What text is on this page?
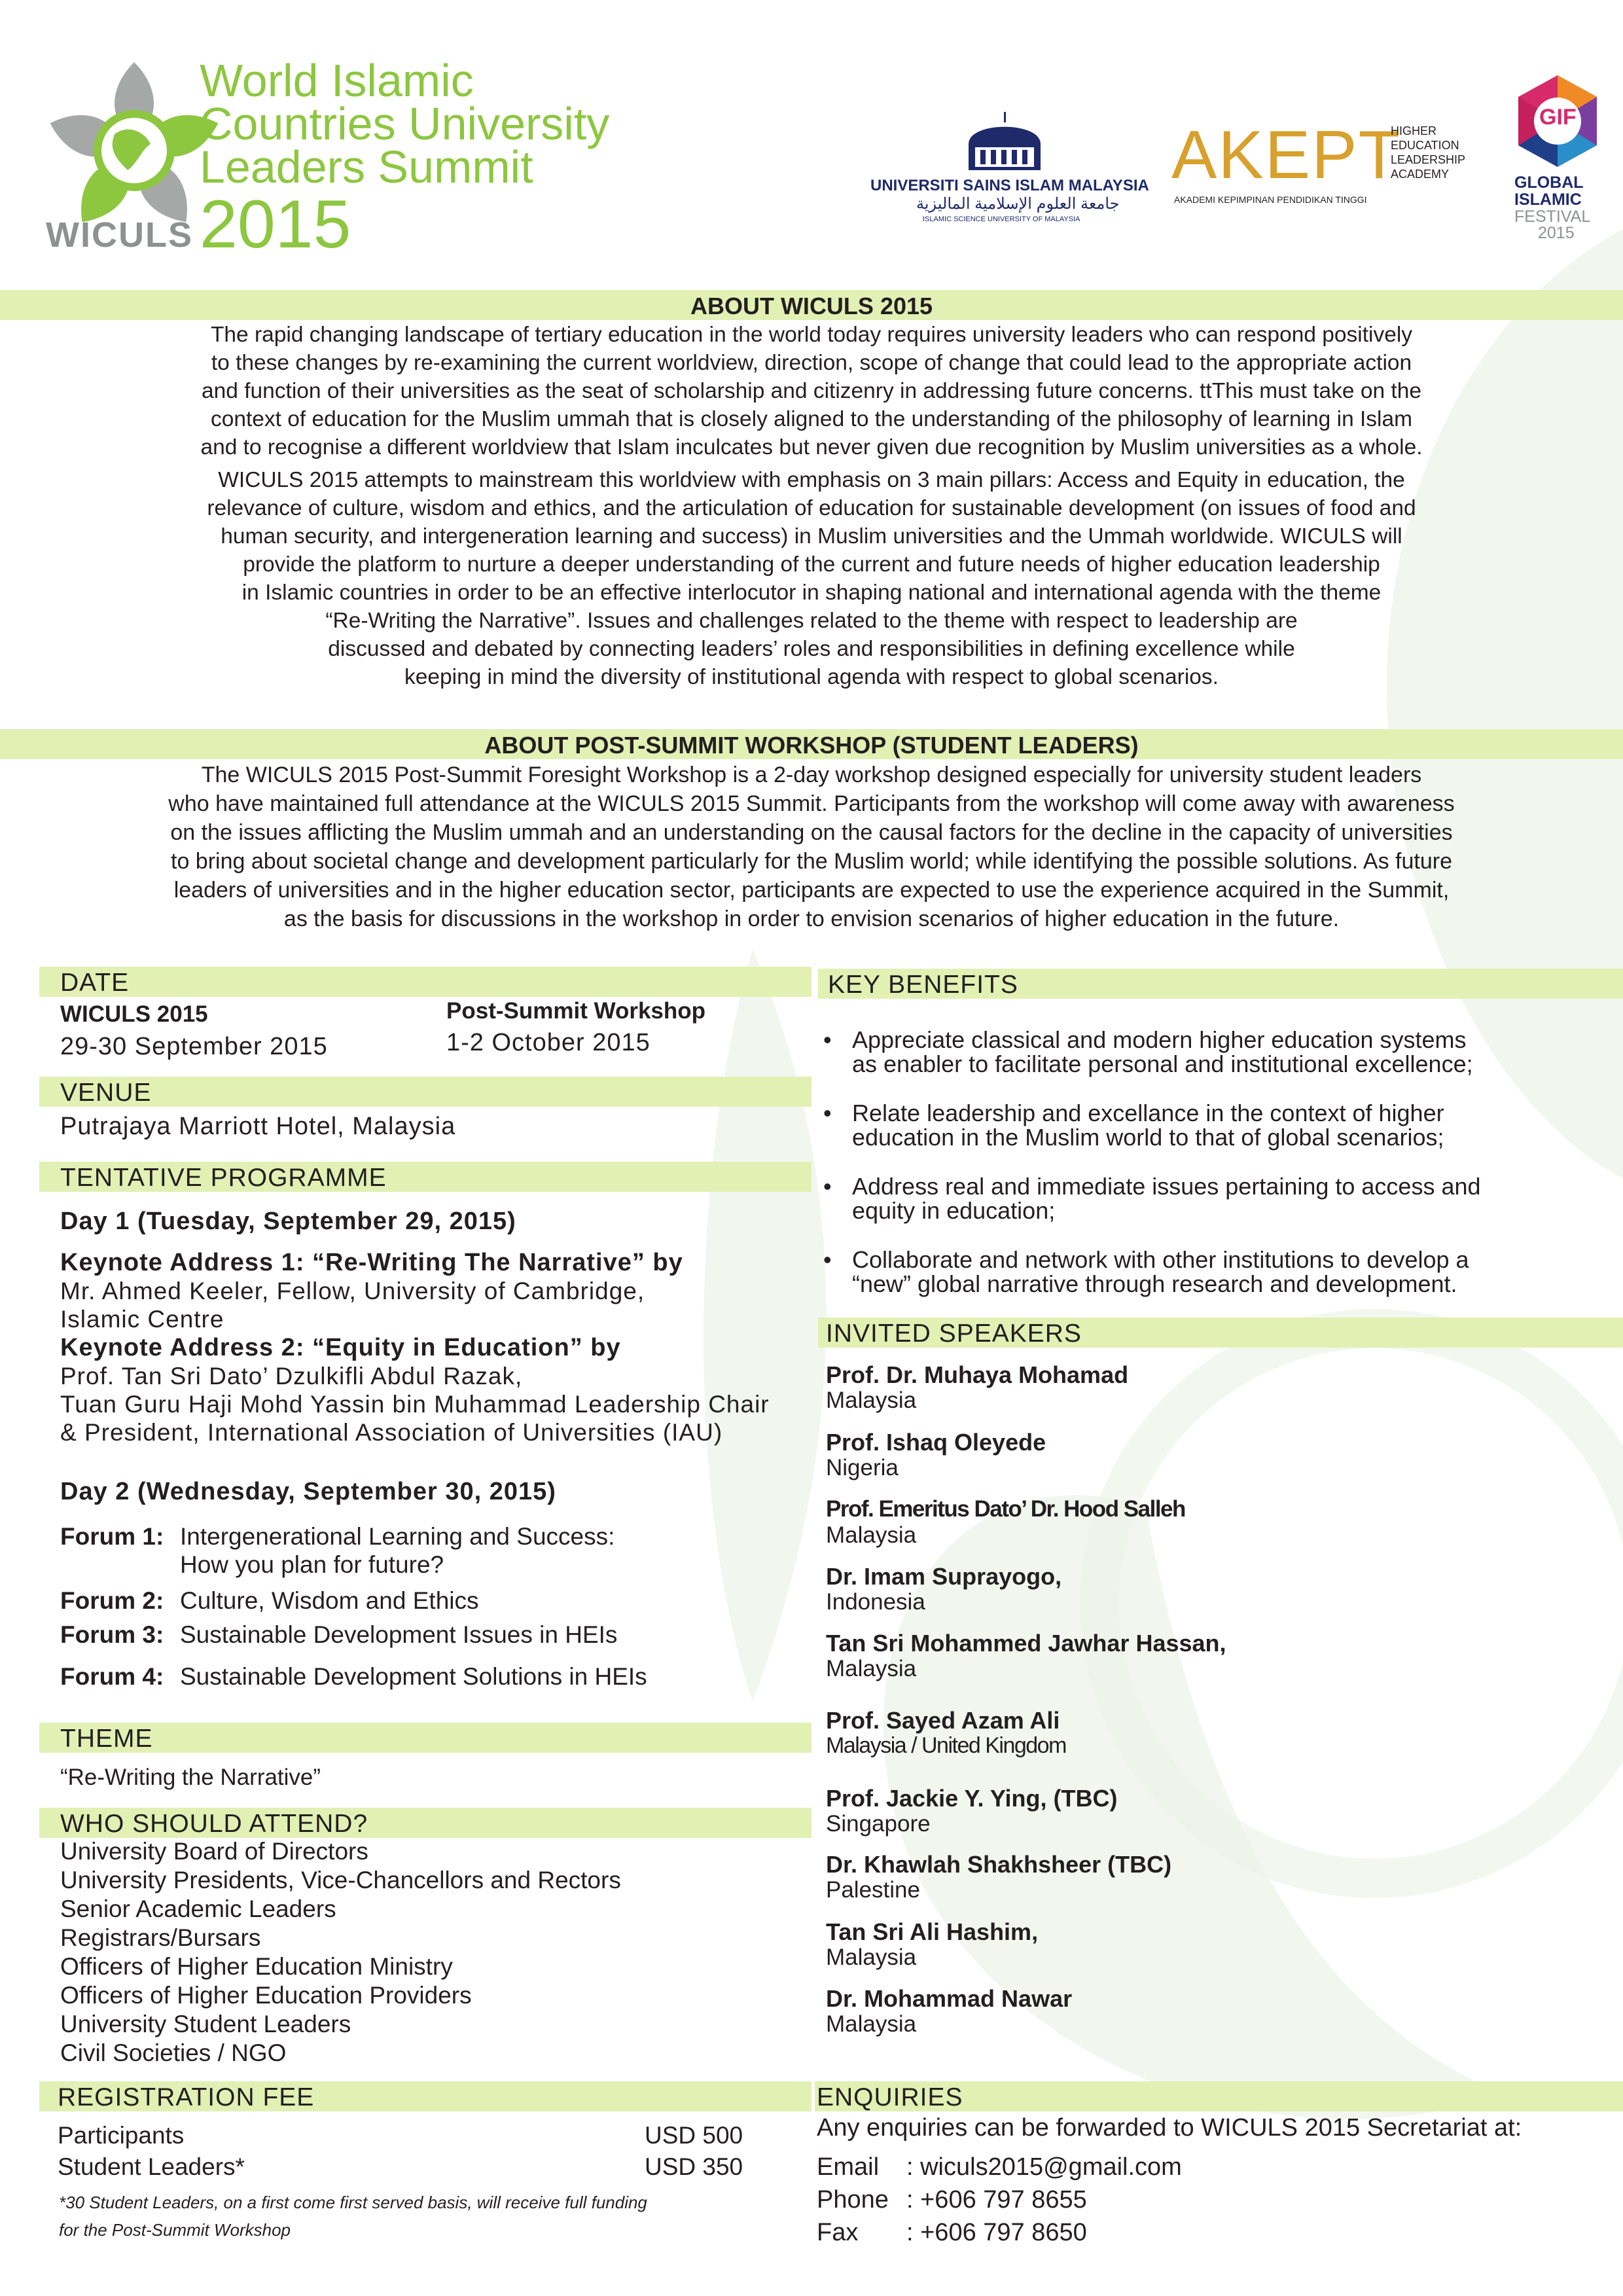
World Islamic
Countries University
Leaders Summit
WICULS 2015
UNIVERSITI SAINS ISLAM MALAYSIA
جامعة العلوم الإسلامية الماليزية
ISLAMIC SCIENCE UNIVERSITY OF MALAYSIA
AKEPT
HIGHER
EDUCATION
LEADERSHIP
ACADEMY
AKADEMI KEPIMPINAN PENDIDIKAN TINGGI
GIF
GLOBAL
ISLAMIC
FESTIVAL
2015
ABOUT WICULS 2015
The rapid changing landscape of tertiary education in the world today requires university leaders who can respond positively
to these changes by re-examining the current worldview, direction, scope of change that could lead to the appropriate action
and function of their universities as the seat of scholarship and citizenry in addressing future concerns. ttThis must take on the
context of education for the Muslim ummah that is closely aligned to the understanding of the philosophy of learning in Islam
and to recognise a different worldview that Islam inculcates but never given due recognition by Muslim universities as a whole.
WICULS 2015 attempts to mainstream this worldview with emphasis on 3 main pillars: Access and Equity in education, the
relevance of culture, wisdom and ethics, and the articulation of education for sustainable development (on issues of food and
human security, and intergeneration learning and success) in Muslim universities and the Ummah worldwide. WICULS will
provide the platform to nurture a deeper understanding of the current and future needs of higher education leadership
in Islamic countries in order to be an effective interlocutor in shaping national and international agenda with the theme
“Re-Writing the Narrative”. Issues and challenges related to the theme with respect to leadership are
discussed and debated by connecting leaders’ roles and responsibilities in defining excellence while
keeping in mind the diversity of institutional agenda with respect to global scenarios.
ABOUT POST-SUMMIT WORKSHOP (STUDENT LEADERS)
The WICULS 2015 Post-Summit Foresight Workshop is a 2-day workshop designed especially for university student leaders
who have maintained full attendance at the WICULS 2015 Summit. Participants from the workshop will come away with awareness
on the issues afflicting the Muslim ummah and an understanding on the causal factors for the decline in the capacity of universities
to bring about societal change and development particularly for the Muslim world; while identifying the possible solutions. As future
leaders of universities and in the higher education sector, participants are expected to use the experience acquired in the Summit,
as the basis for discussions in the workshop in order to envision scenarios of higher education in the future.
DATE
WICULS 2015
29-30 September 2015
Post-Summit Workshop
1-2 October 2015
VENUE
Putrajaya Marriott Hotel, Malaysia
TENTATIVE PROGRAMME
Day 1 (Tuesday, September 29, 2015)
Keynote Address 1: “Re-Writing The Narrative” by
Mr. Ahmed Keeler, Fellow, University of Cambridge,
Islamic Centre
Keynote Address 2: “Equity in Education” by
Prof. Tan Sri Dato’ Dzulkifli Abdul Razak,
Tuan Guru Haji Mohd Yassin bin Muhammad Leadership Chair
& President, International Association of Universities (IAU)
Day 2 (Wednesday, September 30, 2015)
Forum 1: Intergenerational Learning and Success:
How you plan for future?
Forum 2: Culture, Wisdom and Ethics
Forum 3: Sustainable Development Issues in HEIs
Forum 4: Sustainable Development Solutions in HEIs
THEME
“Re-Writing the Narrative”
WHO SHOULD ATTEND?
University Board of Directors
University Presidents, Vice-Chancellors and Rectors
Senior Academic Leaders
Registrars/Bursars
Officers of Higher Education Ministry
Officers of Higher Education Providers
University Student Leaders
Civil Societies / NGO
REGISTRATION FEE
Participants	USD 500
Student Leaders*	USD 350
*30 Student Leaders, on a first come first served basis, will receive full funding
for the Post-Summit Workshop
KEY BENEFITS
• Appreciate classical and modern higher education systems
as enabler to facilitate personal and institutional excellence;
• Relate leadership and excellance in the context of higher
education in the Muslim world to that of global scenarios;
• Address real and immediate issues pertaining to access and
equity in education;
• Collaborate and network with other institutions to develop a
“new” global narrative through research and development.
INVITED SPEAKERS
Prof. Dr. Muhaya Mohamad
Malaysia
Prof. Ishaq Oleyede
Nigeria
Prof. Emeritus Dato’ Dr. Hood Salleh
Malaysia
Dr. Imam Suprayogo,
Indonesia
Tan Sri Mohammed Jawhar Hassan,
Malaysia
Prof. Sayed Azam Ali
Malaysia / United Kingdom
Prof. Jackie Y. Ying, (TBC)
Singapore
Dr. Khawlah Shakhsheer (TBC)
Palestine
Tan Sri Ali Hashim,
Malaysia
Dr. Mohammad Nawar
Malaysia
ENQUIRIES
Any enquiries can be forwarded to WICULS 2015 Secretariat at:
Email : wiculs2015@gmail.com
Phone : +606 797 8655
Fax : +606 797 8650
